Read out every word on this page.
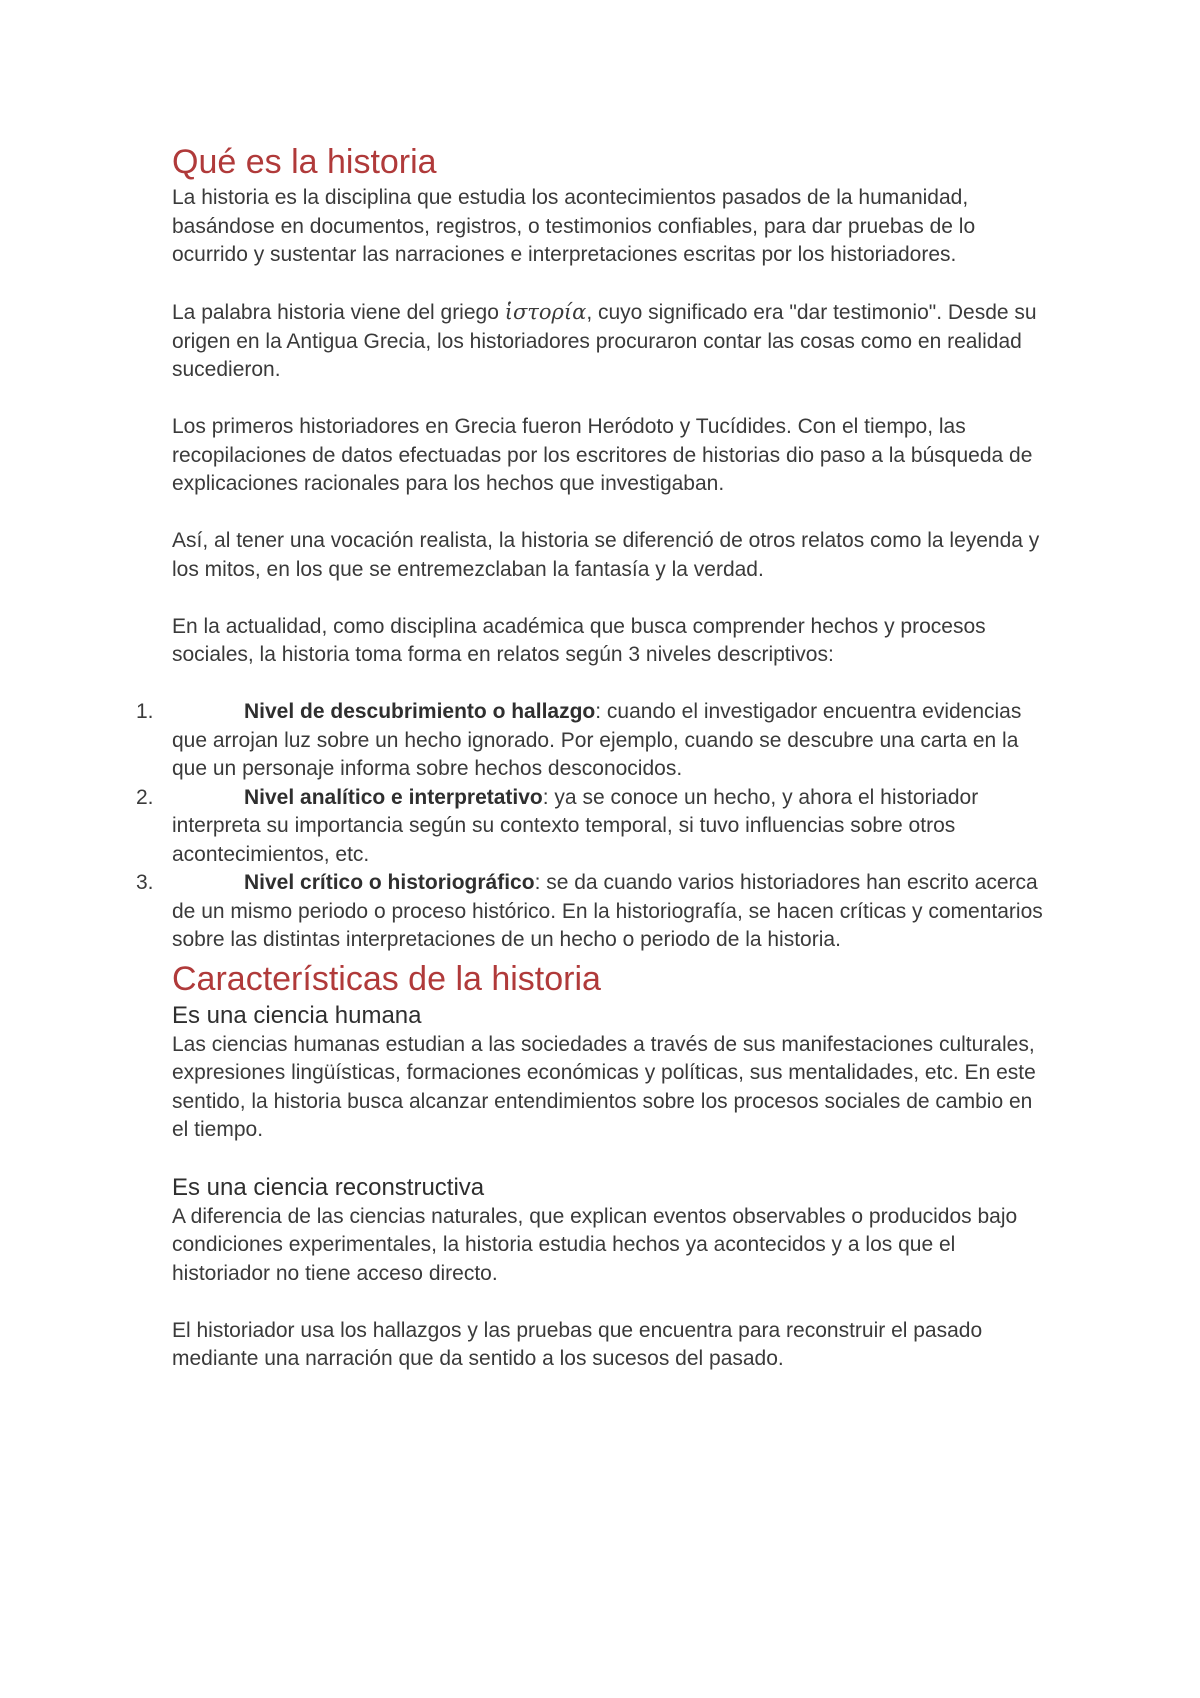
Qué es la historia

La historia es la disciplina que estudia los acontecimientos pasados de la humanidad, basándose en documentos, registros, o testimonios confiables, para dar pruebas de lo ocurrido y sustentar las narraciones e interpretaciones escritas por los historiadores.

La palabra historia viene del griego ἱστορία, cuyo significado era "dar testimonio". Desde su origen en la Antigua Grecia, los historiadores procuraron contar las cosas como en realidad sucedieron.

Los primeros historiadores en Grecia fueron Heródoto y Tucídides. Con el tiempo, las recopilaciones de datos efectuadas por los escritores de historias dio paso a la búsqueda de explicaciones racionales para los hechos que investigaban.

Así, al tener una vocación realista, la historia se diferenció de otros relatos como la leyenda y los mitos, en los que se entremezclaban la fantasía y la verdad.

En la actualidad, como disciplina académica que busca comprender hechos y procesos sociales, la historia toma forma en relatos según 3 niveles descriptivos:

1.	Nivel de descubrimiento o hallazgo: cuando el investigador encuentra evidencias que arrojan luz sobre un hecho ignorado. Por ejemplo, cuando se descubre una carta en la que un personaje informa sobre hechos desconocidos.
2.	Nivel analítico e interpretativo: ya se conoce un hecho, y ahora el historiador interpreta su importancia según su contexto temporal, si tuvo influencias sobre otros acontecimientos, etc.
3.	Nivel crítico o historiográfico: se da cuando varios historiadores han escrito acerca de un mismo periodo o proceso histórico. En la historiografía, se hacen críticas y comentarios sobre las distintas interpretaciones de un hecho o periodo de la historia.
Características de la historia
Es una ciencia humana

Las ciencias humanas estudian a las sociedades a través de sus manifestaciones culturales, expresiones lingüísticas, formaciones económicas y políticas, sus mentalidades, etc. En este sentido, la historia busca alcanzar entendimientos sobre los procesos sociales de cambio en el tiempo.

Es una ciencia reconstructiva

A diferencia de las ciencias naturales, que explican eventos observables o producidos bajo condiciones experimentales, la historia estudia hechos ya acontecidos y a los que el historiador no tiene acceso directo.

El historiador usa los hallazgos y las pruebas que encuentra para reconstruir el pasado mediante una narración que da sentido a los sucesos del pasado.
